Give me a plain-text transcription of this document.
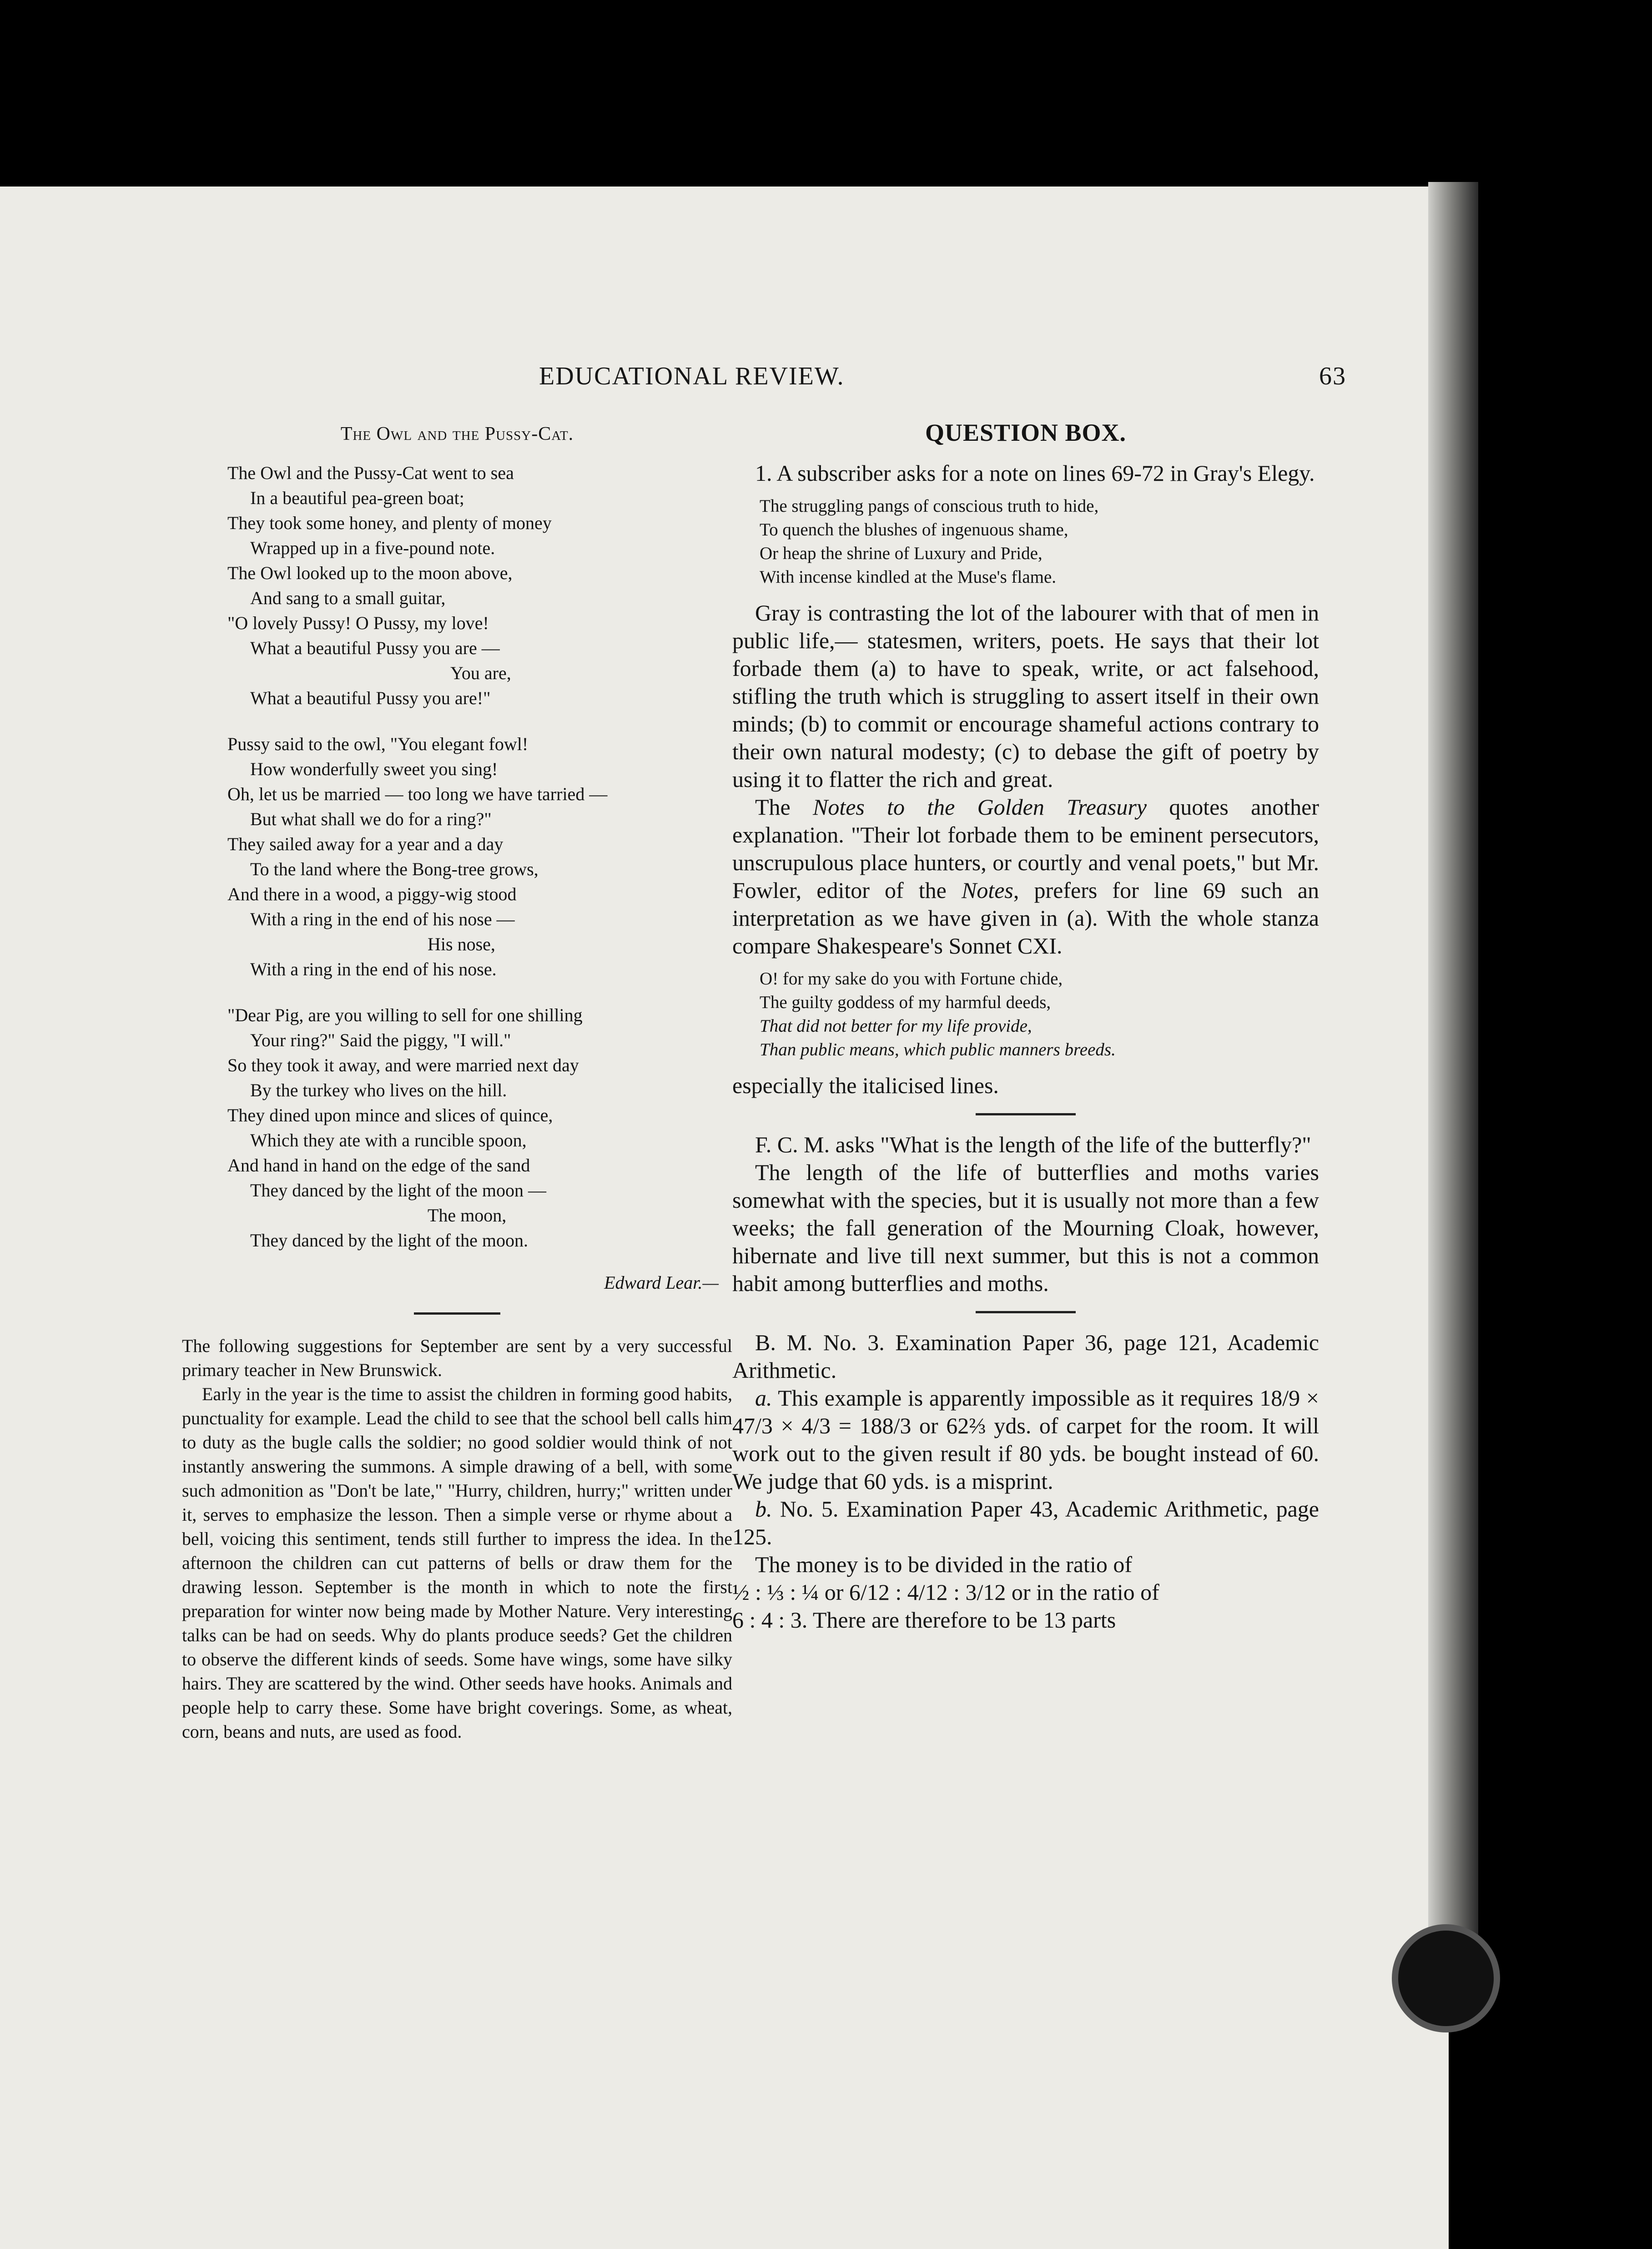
EDUCATIONAL REVIEW.	63
The Owl and the Pussy-Cat.
The Owl and the Pussy-Cat went to sea
In a beautiful pea-green boat;
They took some honey, and plenty of money
Wrapped up in a five-pound note.
The Owl looked up to the moon above,
And sang to a small guitar,
"O lovely Pussy! O Pussy, my love!
What a beautiful Pussy you are —
You are,
What a beautiful Pussy you are!"
Pussy said to the owl, "You elegant fowl!
How wonderfully sweet you sing!
Oh, let us be married — too long we have tarried —
But what shall we do for a ring?"
They sailed away for a year and a day
To the land where the Bong-tree grows,
And there in a wood, a piggy-wig stood
With a ring in the end of his nose —
His nose,
With a ring in the end of his nose.
"Dear Pig, are you willing to sell for one shilling
Your ring?" Said the piggy, "I will."
So they took it away, and were married next day
By the turkey who lives on the hill.
They dined upon mince and slices of quince,
Which they ate with a runcible spoon,
And hand in hand on the edge of the sand
They danced by the light of the moon —
The moon,
They danced by the light of the moon.
Edward Lear.—

The following suggestions for September are sent by a very successful primary teacher in New Brunswick.

Early in the year is the time to assist the children in forming good habits, punctuality for example. Lead the child to see that the school bell calls him to duty as the bugle calls the soldier; no good soldier would think of not instantly answering the summons. A simple drawing of a bell, with some such admonition as "Don't be late," "Hurry, children, hurry;" written under it, serves to emphasize the lesson. Then a simple verse or rhyme about a bell, voicing this sentiment, tends still further to impress the idea. In the afternoon the children can cut patterns of bells or draw them for the drawing lesson. September is the month in which to note the first preparation for winter now being made by Mother Nature. Very interesting talks can be had on seeds. Why do plants produce seeds? Get the children to observe the different kinds of seeds. Some have wings, some have silky hairs. They are scattered by the wind. Other seeds have hooks. Animals and people help to carry these. Some have bright coverings. Some, as wheat, corn, beans and nuts, are used as food.

QUESTION BOX.

1. A subscriber asks for a note on lines 69-72 in Gray's Elegy.

The struggling pangs of conscious truth to hide,
To quench the blushes of ingenuous shame,
Or heap the shrine of Luxury and Pride,
With incense kindled at the Muse's flame.

Gray is contrasting the lot of the labourer with that of men in public life,— statesmen, writers, poets. He says that their lot forbade them (a) to have to speak, write, or act falsehood, stifling the truth which is struggling to assert itself in their own minds; (b) to commit or encourage shameful actions contrary to their own natural modesty; (c) to debase the gift of poetry by using it to flatter the rich and great.

The Notes to the Golden Treasury quotes another explanation. "Their lot forbade them to be eminent persecutors, unscrupulous place hunters, or courtly and venal poets," but Mr. Fowler, editor of the Notes, prefers for line 69 such an interpretation as we have given in (a). With the whole stanza compare Shakespeare's Sonnet CXI.

O! for my sake do you with Fortune chide,
The guilty goddess of my harmful deeds,
That did not better for my life provide,
Than public means, which public manners breeds.

especially the italicised lines.

F. C. M. asks "What is the length of the life of the butterfly?"

The length of the life of butterflies and moths varies somewhat with the species, but it is usually not more than a few weeks; the fall generation of the Mourning Cloak, however, hibernate and live till next summer, but this is not a common habit among butterflies and moths.

B. M. No. 3. Examination Paper 36, page 121, Academic Arithmetic.

a. This example is apparently impossible as it requires 18/9 × 47/3 × 4/3 = 188/3 or 62⅔ yds. of carpet for the room. It will work out to the given result if 80 yds. be bought instead of 60. We judge that 60 yds. is a misprint.

b. No. 5. Examination Paper 43, Academic Arithmetic, page 125.

The money is to be divided in the ratio of

½ : ⅓ : ¼ or 6/12 : 4/12 : 3/12 or in the ratio of

6 : 4 : 3. There are therefore to be 13 parts
